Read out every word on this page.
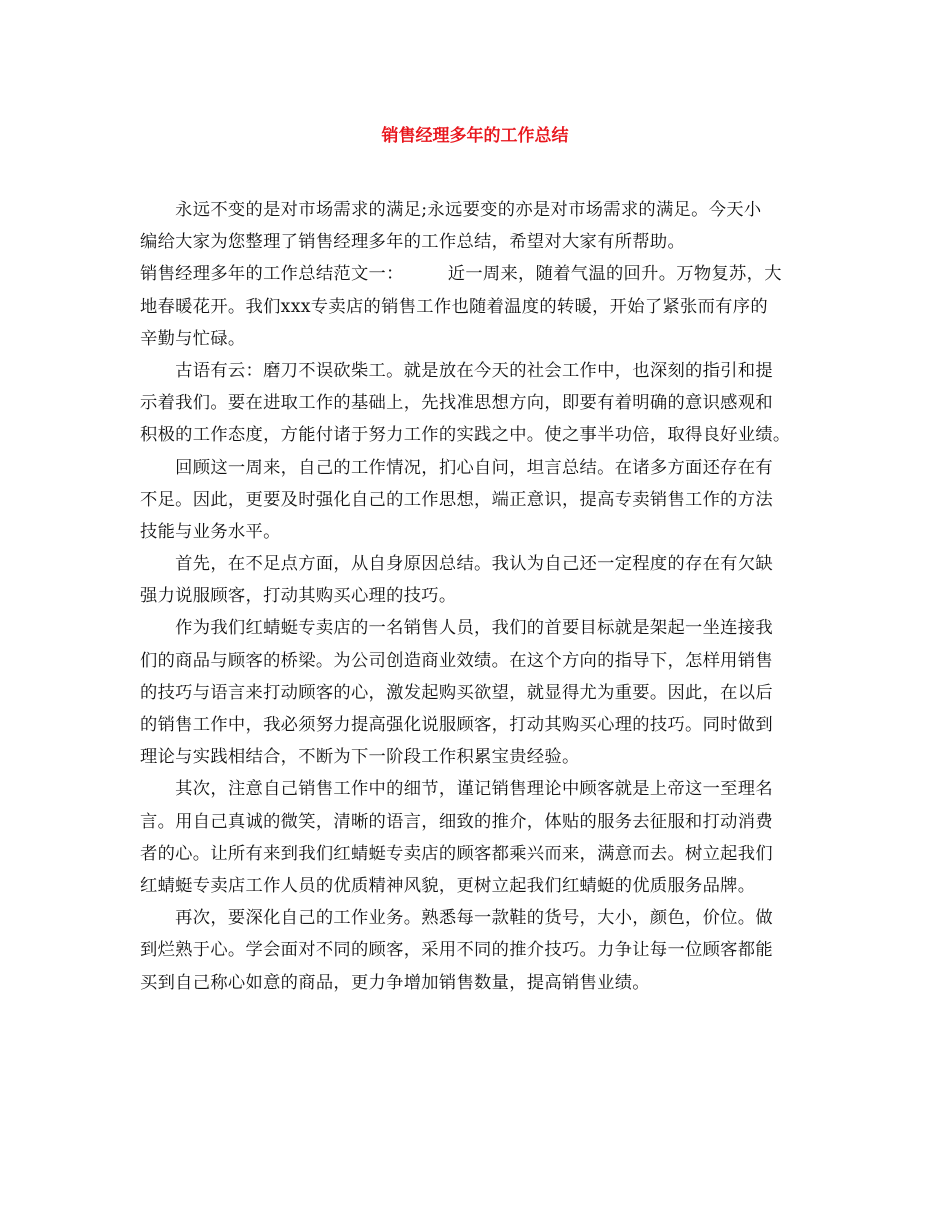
销售经理多年的工作总结
　　永远不变的是对市场需求的满足;永远要变的亦是对市场需求的满足。今天小
编给大家为您整理了销售经理多年的工作总结，希望对大家有所帮助。
销售经理多年的工作总结范文一：	近一周来，随着气温的回升。万物复苏，大
地春暖花开。我们xxx专卖店的销售工作也随着温度的转暖，开始了紧张而有序的
辛勤与忙碌。
　　古语有云：磨刀不误砍柴工。就是放在今天的社会工作中，也深刻的指引和提
示着我们。要在进取工作的基础上，先找准思想方向，即要有着明确的意识感观和
积极的工作态度，方能付诸于努力工作的实践之中。使之事半功倍，取得良好业绩。
　　回顾这一周来，自己的工作情况，扪心自问，坦言总结。在诸多方面还存在有
不足。因此，更要及时强化自己的工作思想，端正意识，提高专卖销售工作的方法
技能与业务水平。
　　首先，在不足点方面，从自身原因总结。我认为自己还一定程度的存在有欠缺
强力说服顾客，打动其购买心理的技巧。
　　作为我们红蜻蜓专卖店的一名销售人员，我们的首要目标就是架起一坐连接我
们的商品与顾客的桥梁。为公司创造商业效绩。在这个方向的指导下，怎样用销售
的技巧与语言来打动顾客的心，激发起购买欲望，就显得尤为重要。因此，在以后
的销售工作中，我必须努力提高强化说服顾客，打动其购买心理的技巧。同时做到
理论与实践相结合，不断为下一阶段工作积累宝贵经验。
　　其次，注意自己销售工作中的细节，谨记销售理论中顾客就是上帝这一至理名
言。用自己真诚的微笑，清晰的语言，细致的推介，体贴的服务去征服和打动消费
者的心。让所有来到我们红蜻蜓专卖店的顾客都乘兴而来，满意而去。树立起我们
红蜻蜓专卖店工作人员的优质精神风貌，更树立起我们红蜻蜓的优质服务品牌。
　　再次，要深化自己的工作业务。熟悉每一款鞋的货号，大小，颜色，价位。做
到烂熟于心。学会面对不同的顾客，采用不同的推介技巧。力争让每一位顾客都能
买到自己称心如意的商品，更力争增加销售数量，提高销售业绩。
